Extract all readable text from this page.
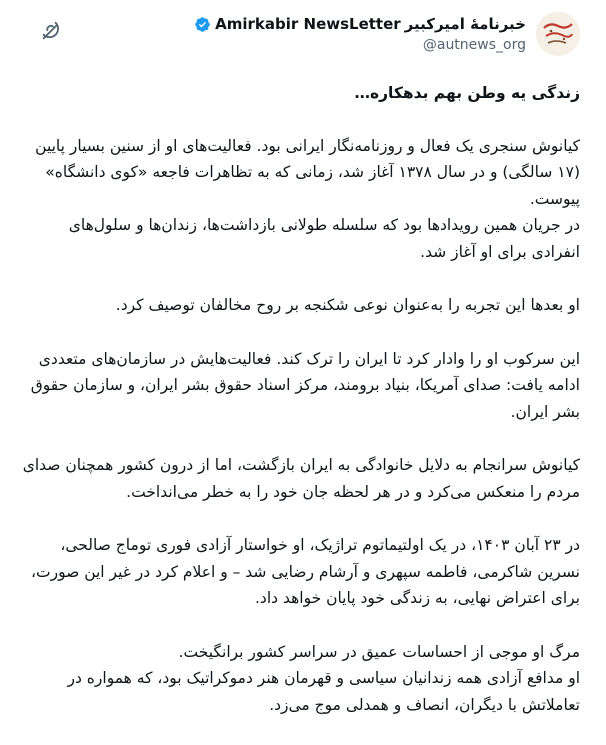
خبرنامهٔ امیرکبیر
Amirkabir NewsLetter
@autnews_org
زندگی یه وطن بهم بدهکاره…
کیانوش سنجری یک فعال و روزنامه‌نگار ایرانی بود. فعالیت‌های او از سنین بسیار پایین (۱۷ سالگی) و در سال ۱۳۷۸ آغاز شد، زمانی که به تظاهرات فاجعه «کوی دانشگاه» پیوست.
در جریان همین رویدادها بود که سلسله طولانی بازداشت‌ها، زندان‌ها و سلول‌های انفرادی برای او آغاز شد.
او بعدها این تجربه را به‌عنوان نوعی شکنجه بر روح مخالفان توصیف کرد.
این سرکوب او را وادار کرد تا ایران را ترک کند. فعالیت‌هایش در سازمان‌های متعددی ادامه یافت: صدای آمریکا، بنیاد برومند، مرکز اسناد حقوق بشر ایران، و سازمان حقوق بشر ایران.
کیانوش سرانجام به دلایل خانوادگی به ایران بازگشت، اما از درون کشور همچنان صدای مردم را منعکس می‌کرد و در هر لحظه جان خود را به خطر می‌انداخت.
در ۲۳ آبان ۱۴۰۳، در یک اولتیماتوم تراژیک، او خواستار آزادی فوری توماج صالحی، نسرین شاکرمی، فاطمه سپهری و آرشام رضایی شد – و اعلام کرد در غیر این صورت، برای اعتراض نهایی، به زندگی خود پایان خواهد داد.
مرگ او موجی از احساسات عمیق در سراسر کشور برانگیخت.
او مدافع آزادی همه زندانیان سیاسی و قهرمان هنر دموکراتیک بود، که همواره در تعاملاتش با دیگران، انصاف و همدلی موج می‌زد.
